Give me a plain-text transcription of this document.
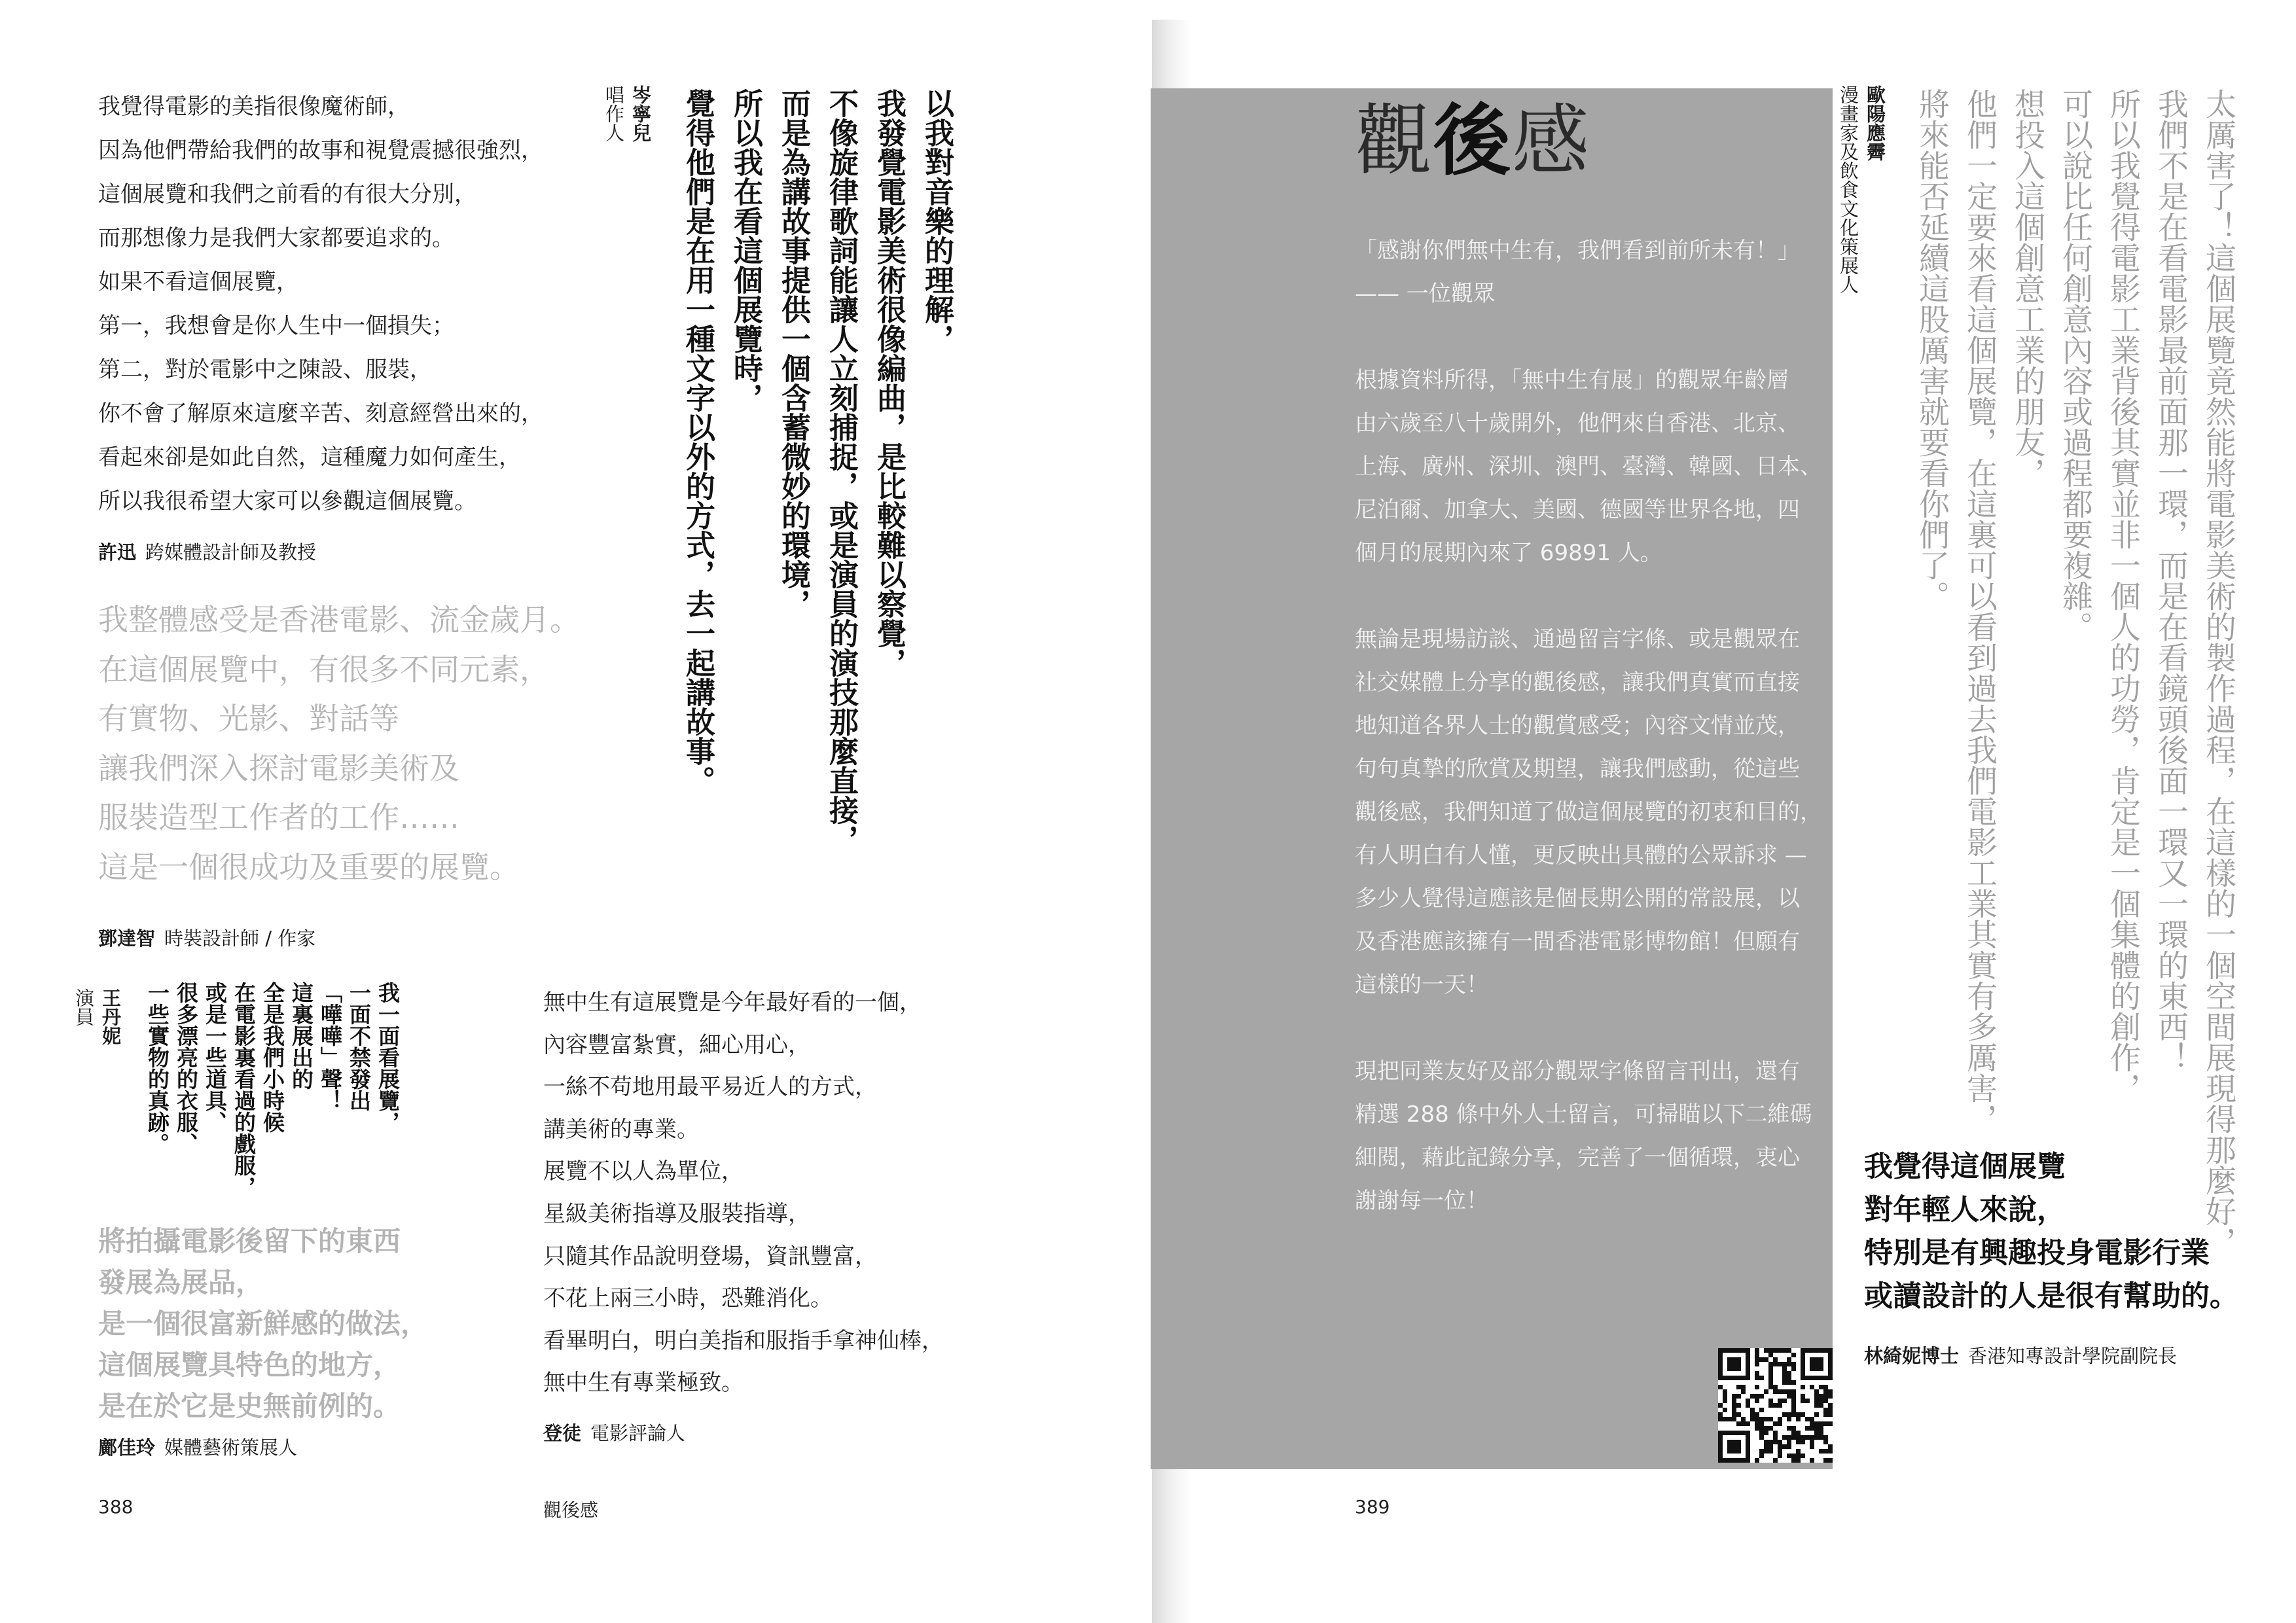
我覺得電影的美指很像魔術師，
因為他們帶給我們的故事和視覺震撼很強烈，
這個展覽和我們之前看的有很大分別，
而那想像力是我們大家都要追求的。
如果不看這個展覽，
第一，我想會是你人生中一個損失；
第二，對於電影中之陳設、服裝，
你不會了解原來這麼辛苦、刻意經營出來的，
看起來卻是如此自然，這種魔力如何產生，
所以我很希望大家可以參觀這個展覽。
許迅 跨媒體設計師及教授
我整體感受是香港電影、流金歲月。
在這個展覽中，有很多不同元素，
有實物、光影、對話等
讓我們深入探討電影美術及
服裝造型工作者的工作……
這是一個很成功及重要的展覽。
鄧達智 時裝設計師 / 作家
王丹妮
演員	我一面看展覽，
一面不禁發出
「嘩嘩」聲！
這裏展出的
全是我們小時候
在電影裏看過的戲服，
或是一些道具、
很多漂亮的衣服、
一些實物的真跡。
將拍攝電影後留下的東西
發展為展品，
是一個很富新鮮感的做法，
這個展覽具特色的地方，
是在於它是史無前例的。
鄺佳玲 媒體藝術策展人
無中生有這展覽是今年最好看的一個，
內容豐富紮實，細心用心，
一絲不苟地用最平易近人的方式，
講美術的專業。
展覽不以人為單位，
星級美術指導及服裝指導，
只隨其作品說明登場，資訊豐富，
不花上兩三小時，恐難消化。
看畢明白，明白美指和服指手拿神仙棒，
無中生有專業極致。
登徒 電影評論人
岑寧兒
唱作人	以我對音樂的理解，
我發覺電影美術很像編曲，是比較難以察覺，
不像旋律歌詞能讓人立刻捕捉，或是演員的演技那麼直接，
而是為講故事提供一個含蓄微妙的環境，
所以我在看這個展覽時，
覺得他們是在用一種文字以外的方式，去一起講故事。
388	觀後感
觀後感
「感謝你們無中生有，我們看到前所未有！」
—— 一位觀眾
根據資料所得，「無中生有展」的觀眾年齡層
由六歲至八十歲開外，他們來自香港、北京、
上海、廣州、深圳、澳門、臺灣、韓國、日本、
尼泊爾、加拿大、美國、德國等世界各地，四
個月的展期內來了 69891 人。
無論是現場訪談、通過留言字條、或是觀眾在
社交媒體上分享的觀後感，讓我們真實而直接
地知道各界人士的觀賞感受；內容文情並茂，
句句真摯的欣賞及期望，讓我們感動，從這些
觀後感，我們知道了做這個展覽的初衷和目的，
有人明白有人懂，更反映出具體的公眾訴求 —
多少人覺得這應該是個長期公開的常設展，以
及香港應該擁有一間香港電影博物館！但願有
這樣的一天！
現把同業友好及部分觀眾字條留言刊出，還有
精選 288 條中外人士留言，可掃瞄以下二維碼
細閱，藉此記錄分享，完善了一個循環，衷心
謝謝每一位！
389
歐陽應霽
漫畫家及飲食文化策展人	太厲害了！這個展覽竟然能將電影美術的製作過程，在這樣的一個空間展現得那麼好，
我們不是在看電影最前面那一環，而是在看鏡頭後面一環又一環的東西！
所以我覺得電影工業背後其實並非一個人的功勞，肯定是一個集體的創作，
可以說比任何創意內容或過程都要複雜。
想投入這個創意工業的朋友，
他們一定要來看這個展覽，在這裏可以看到過去我們電影工業其實有多厲害，
將來能否延續這股厲害就要看你們了。
我覺得這個展覽
對年輕人來說，
特別是有興趣投身電影行業
或讀設計的人是很有幫助的。
林綺妮博士 香港知專設計學院副院長
